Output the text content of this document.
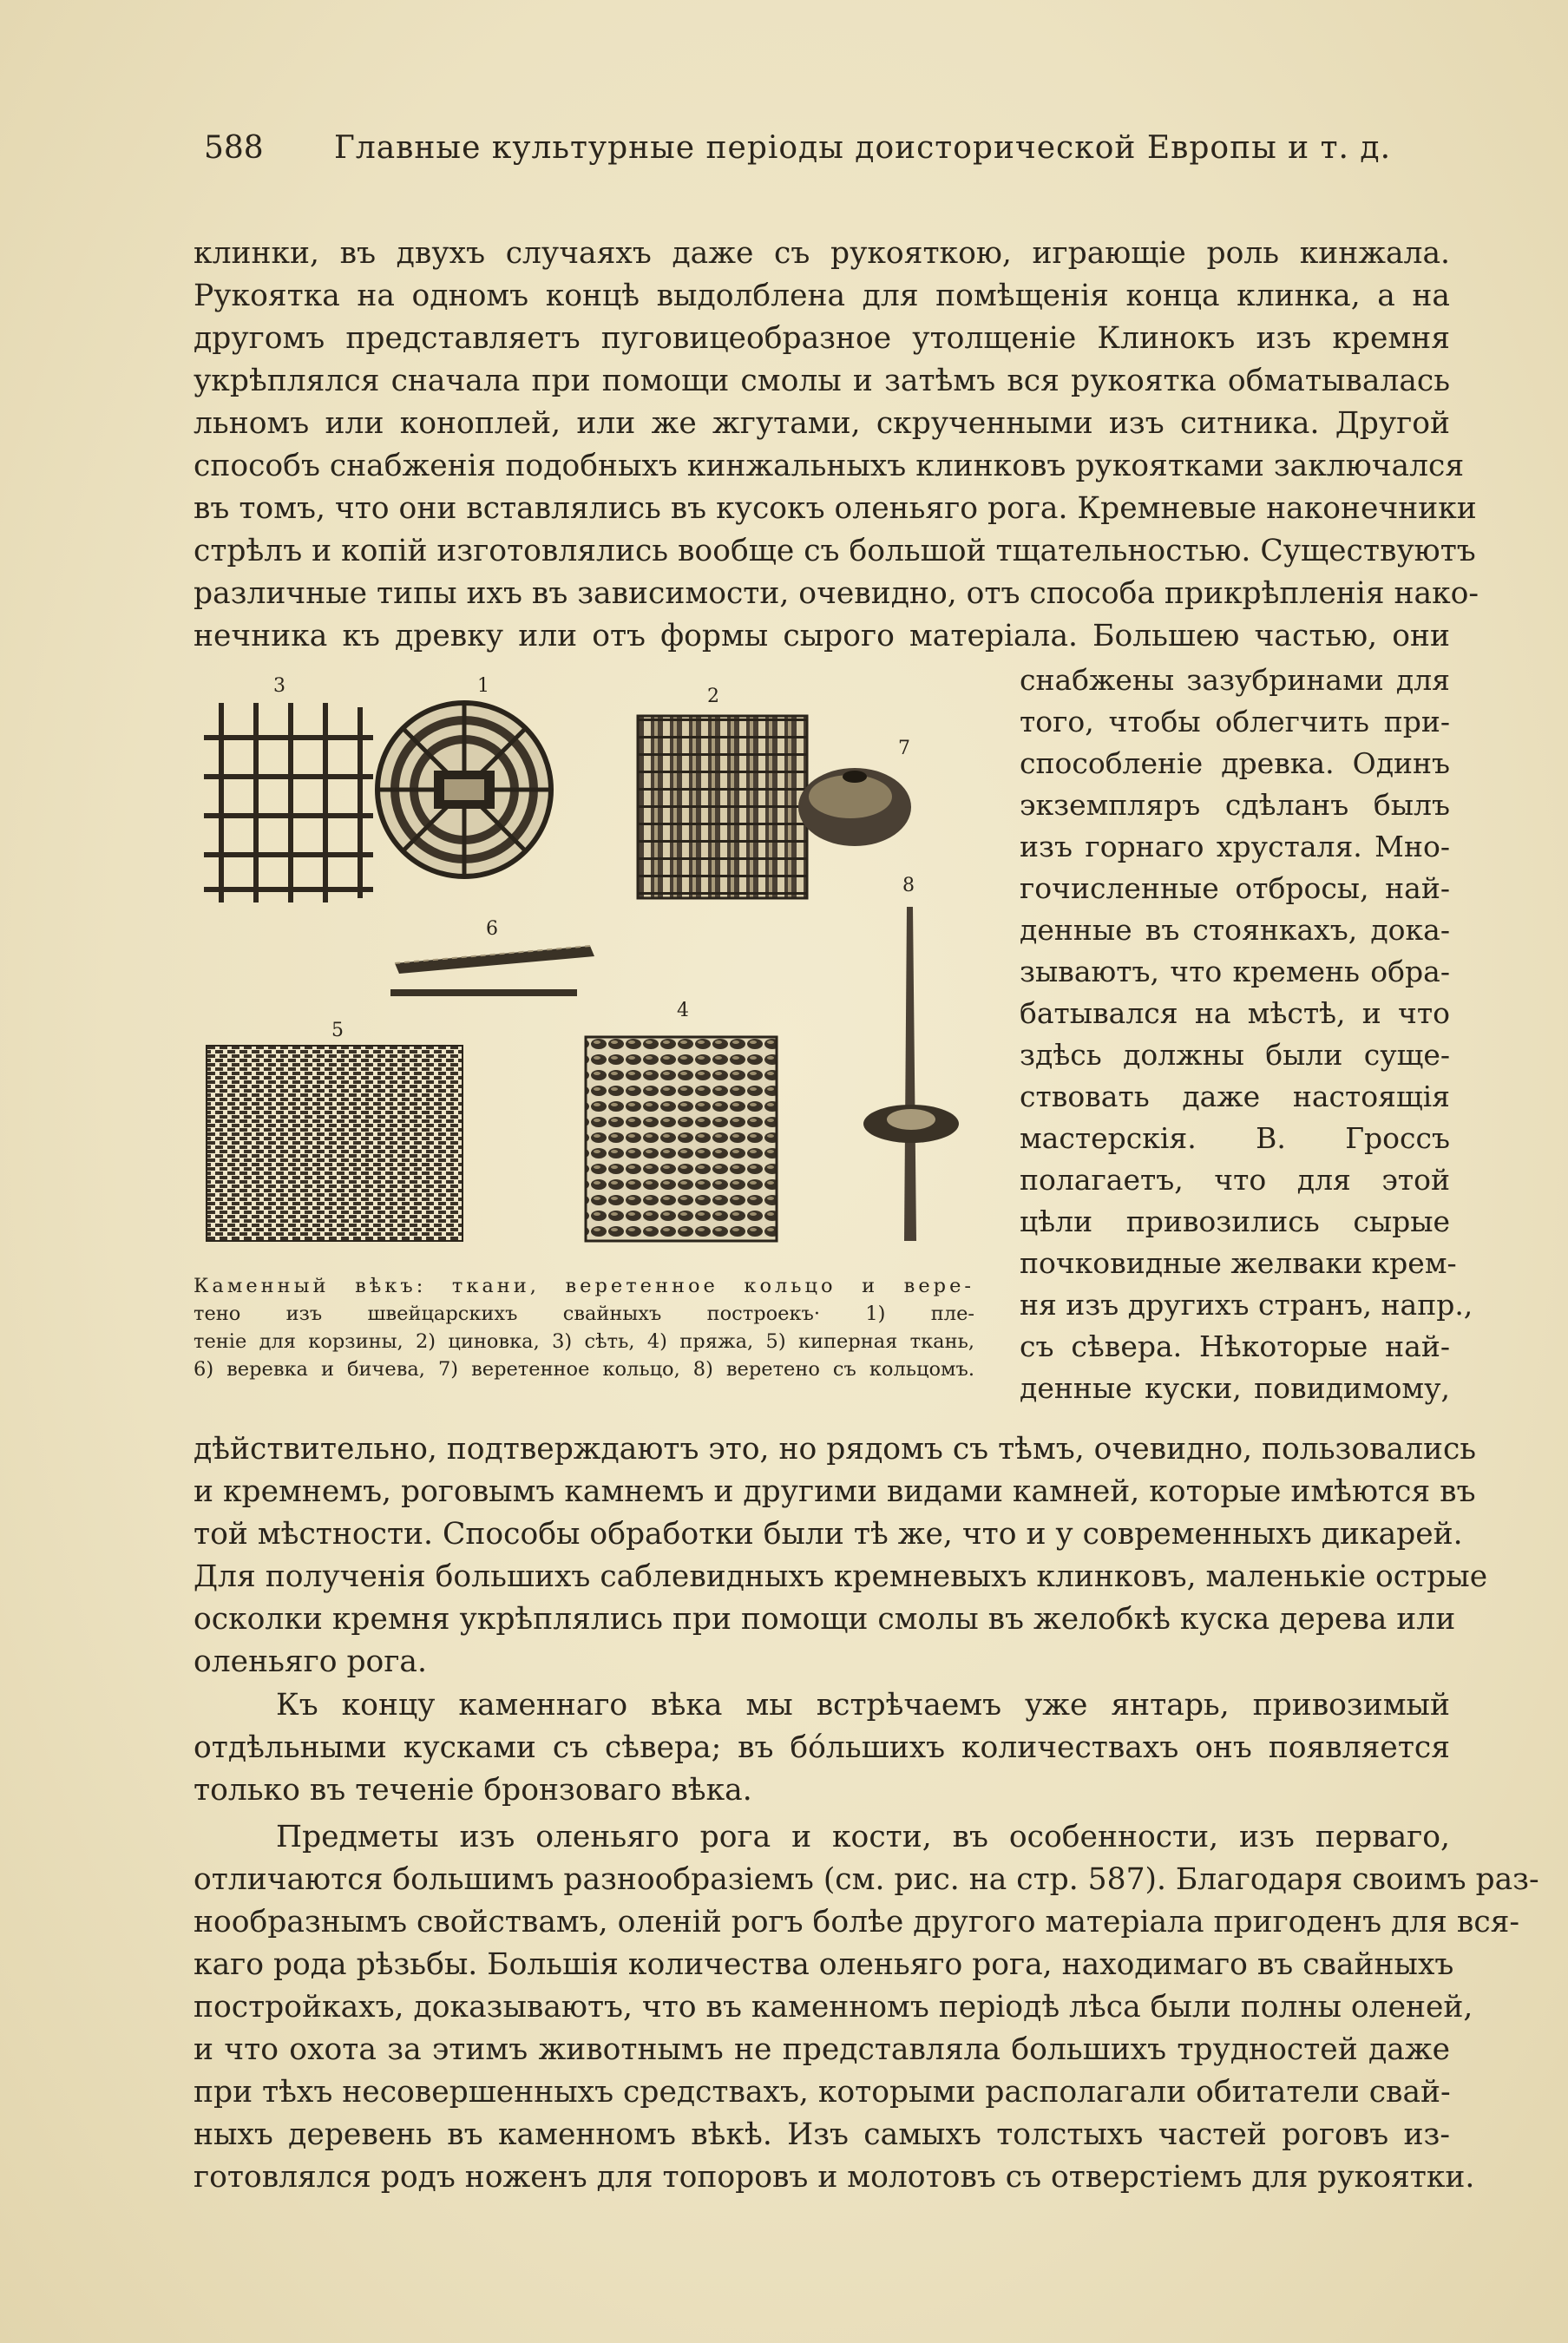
588 Главные культурные періоды доисторической Европы и т. д.
клинки, въ двухъ случаяхъ даже съ рукояткою, играющіе роль кинжала.
Рукоятка на одномъ концѣ выдолблена для помѣщенія конца клинка, а на
другомъ представляетъ пуговицеобразное утолщеніе Клинокъ изъ кремня
укрѣплялся сначала при помощи смолы и затѣмъ вся рукоятка обматывалась
льномъ или коноплей, или же жгутами, скрученными изъ ситника. Другой
способъ снабженія подобныхъ кинжальныхъ клинковъ рукоятками заключался
въ томъ, что они вставлялись въ кусокъ оленьяго рога. Кремневые наконечники
стрѣлъ и копій изготовлялись вообще съ большой тщательностью. Существуютъ
различные типы ихъ въ зависимости, очевидно, отъ способа прикрѣпленія нако-
нечника къ древку или отъ формы сырого матеріала. Большею частью, они
снабжены зазубринами для
того, чтобы облегчить при-
способленіе древка. Одинъ
экземпляръ сдѣланъ былъ
изъ горнаго хрусталя. Мно-
гочисленные отбросы, най-
денные въ стоянкахъ, дока-
зываютъ, что кремень обра-
батывался на мѣстѣ, и что
здѣсь должны были суще-
ствовать даже настоящія
мастерскія. В. Гроссъ
полагаетъ, что для этой
цѣли привозились сырые
почковидные желваки крем-
ня изъ другихъ странъ, напр.,
съ сѣвера. Нѣкоторые най-
денные куски, повидимому,
3	1	2
7
8
6
5
4
Каменный вѣкъ: ткани, веретенное кольцо и вере-
тено изъ швейцарскихъ свайныхъ построекъ· 1) пле-
теніе для корзины, 2) циновка, 3) сѣть, 4) пряжа, 5) киперная ткань,
6) веревка и бичева, 7) веретенное кольцо, 8) веретено съ кольцомъ.
дѣйствительно, подтверждаютъ это, но рядомъ съ тѣмъ, очевидно, пользовались
и кремнемъ, роговымъ камнемъ и другими видами камней, которые имѣются въ
той мѣстности. Способы обработки были тѣ же, что и у современныхъ дикарей.
Для полученія большихъ саблевидныхъ кремневыхъ клинковъ, маленькіе острые
осколки кремня укрѣплялись при помощи смолы въ желобкѣ куска дерева или
оленьяго рога.
Къ концу каменнаго вѣка мы встрѣчаемъ уже янтарь, привозимый
отдѣльными кусками съ сѣвера; въ бо́льшихъ количествахъ онъ появляется
только въ теченіе бронзоваго вѣка.
Предметы изъ оленьяго рога и кости, въ особенности, изъ перваго,
отличаются большимъ разнообразіемъ (см. рис. на стр. 587). Благодаря своимъ раз-
нообразнымъ свойствамъ, оленій рогъ болѣе другого матеріала пригоденъ для вся-
каго рода рѣзьбы. Большія количества оленьяго рога, находимаго въ свайныхъ
постройкахъ, доказываютъ, что въ каменномъ періодѣ лѣса были полны оленей,
и что охота за этимъ животнымъ не представляла большихъ трудностей даже
при тѣхъ несовершенныхъ средствахъ, которыми располагали обитатели свай-
ныхъ деревень въ каменномъ вѣкѣ. Изъ самыхъ толстыхъ частей роговъ из-
готовлялся родъ ноженъ для топоровъ и молотовъ съ отверстіемъ для рукоятки.
